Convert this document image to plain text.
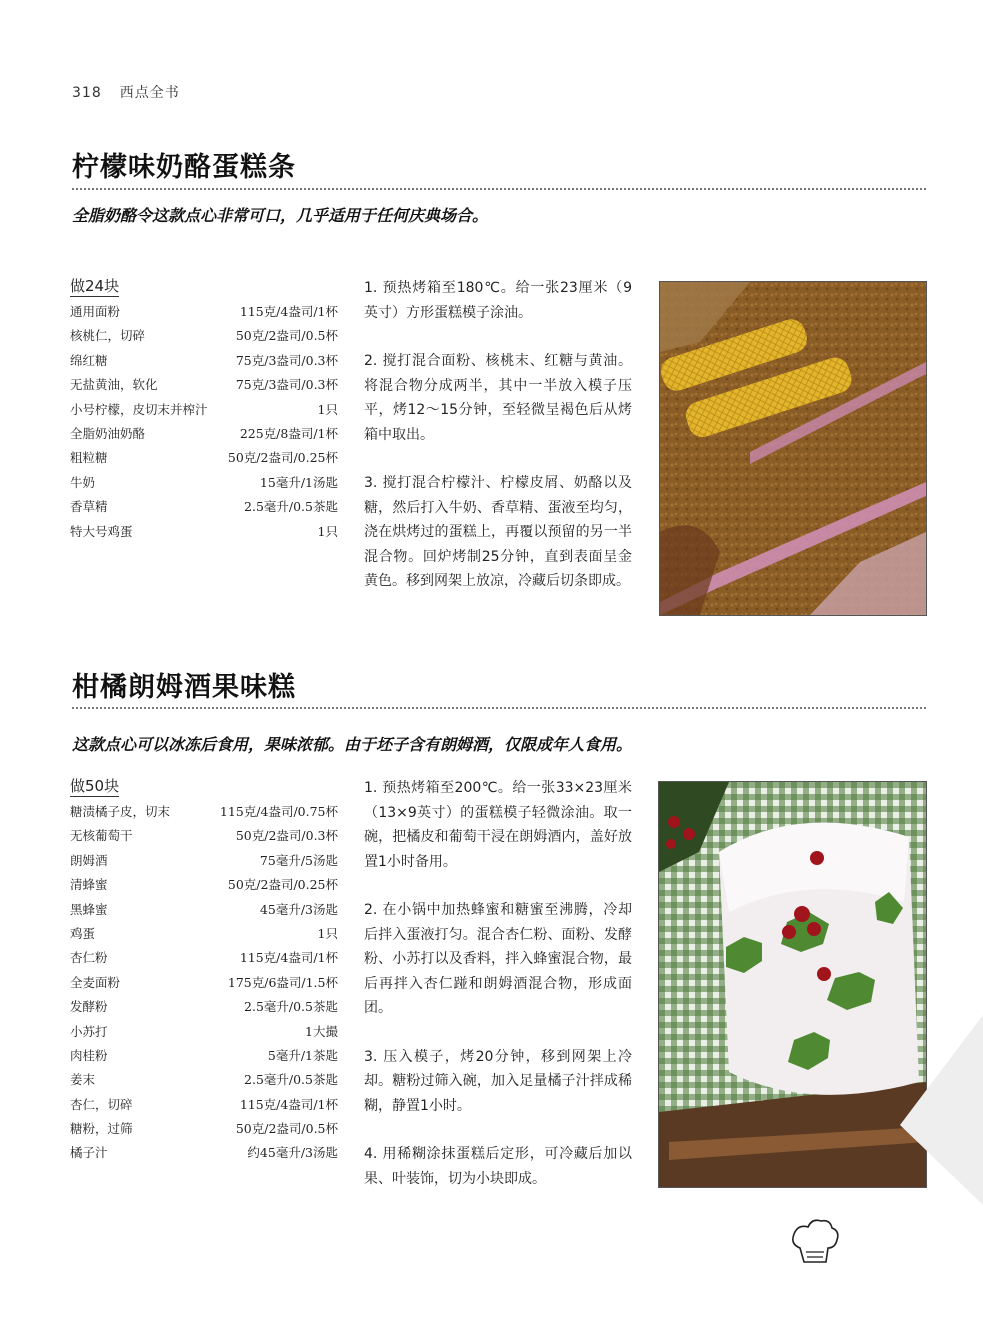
318 西点全书
柠檬味奶酪蛋糕条
全脂奶酪令这款点心非常可口，几乎适用于任何庆典场合。
做24块
通用面粉	115克/4盎司/1杯
核桃仁，切碎	50克/2盎司/0.5杯
绵红糖	75克/3盎司/0.3杯
无盐黄油，软化	75克/3盎司/0.3杯
小号柠檬，皮切末并榨汁	1只
全脂奶油奶酪	225克/8盎司/1杯
粗粒糖	50克/2盎司/0.25杯
牛奶	15毫升/1汤匙
香草精	2.5毫升/0.5茶匙
特大号鸡蛋	1只

1. 预热烤箱至180℃。给一张23厘米（9英寸）方形蛋糕模子涂油。

2. 搅打混合面粉、核桃末、红糖与黄油。将混合物分成两半，其中一半放入模子压平，烤12～15分钟，至轻微呈褐色后从烤箱中取出。

3. 搅打混合柠檬汁、柠檬皮屑、奶酪以及糖，然后打入牛奶、香草精、蛋液至均匀，浇在烘烤过的蛋糕上，再覆以预留的另一半混合物。回炉烤制25分钟，直到表面呈金黄色。移到网架上放凉，冷藏后切条即成。

柑橘朗姆酒果味糕
这款点心可以冰冻后食用，果味浓郁。由于坯子含有朗姆酒，仅限成年人食用。
做50块
糖渍橘子皮，切末	115克/4盎司/0.75杯
无核葡萄干	50克/2盎司/0.3杯
朗姆酒	75毫升/5汤匙
清蜂蜜	50克/2盎司/0.25杯
黑蜂蜜	45毫升/3汤匙
鸡蛋	1只
杏仁粉	115克/4盎司/1杯
全麦面粉	175克/6盎司/1.5杯
发酵粉	2.5毫升/0.5茶匙
小苏打	1大撮
肉桂粉	5毫升/1茶匙
姜末	2.5毫升/0.5茶匙
杏仁，切碎	115克/4盎司/1杯
糖粉，过筛	50克/2盎司/0.5杯
橘子汁	约45毫升/3汤匙

1. 预热烤箱至200℃。给一张33×23厘米（13×9英寸）的蛋糕模子轻微涂油。取一碗，把橘皮和葡萄干浸在朗姆酒内，盖好放置1小时备用。

2. 在小锅中加热蜂蜜和糖蜜至沸腾，冷却后拌入蛋液打匀。混合杏仁粉、面粉、发酵粉、小苏打以及香料，拌入蜂蜜混合物，最后再拌入杏仁踫和朗姆酒混合物，形成面团。

3. 压入模子，烤20分钟，移到网架上冷却。糖粉过筛入碗，加入足量橘子汁拌成稀糊，静置1小时。

4. 用稀糊涂抹蛋糕后定形，可冷藏后加以果、叶装饰，切为小块即成。
